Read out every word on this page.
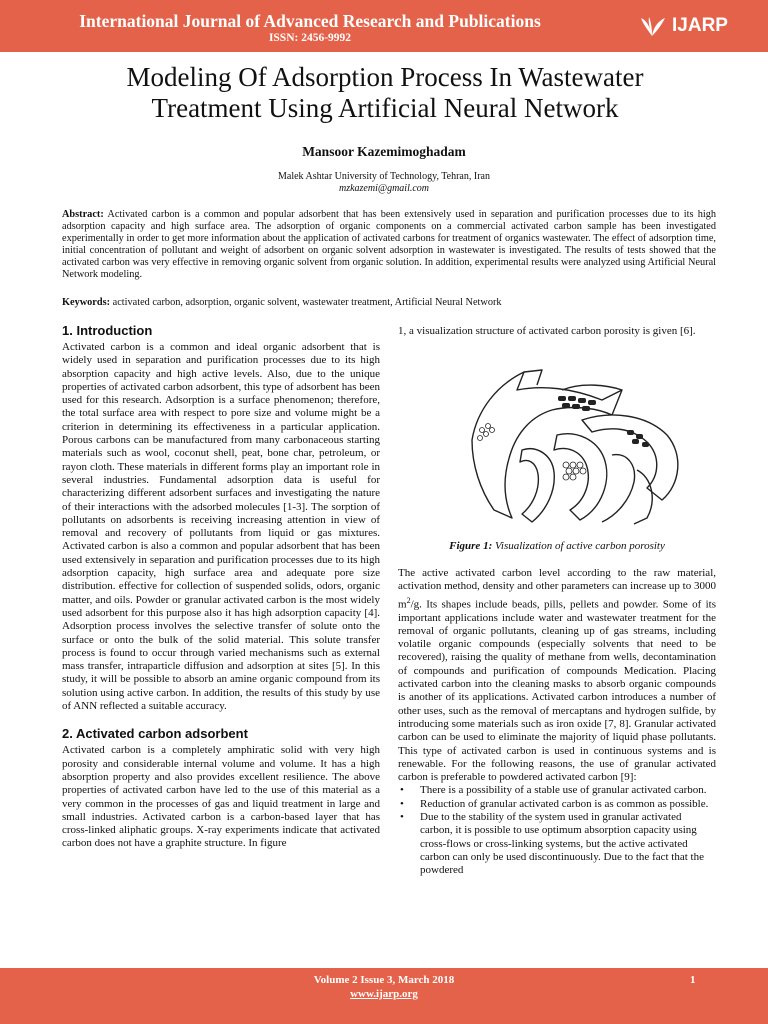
International Journal of Advanced Research and Publications
ISSN: 2456-9992
IJARP
Modeling Of Adsorption Process In Wastewater
Treatment Using Artificial Neural Network
Mansoor Kazemimoghadam
Malek Ashtar University of Technology, Tehran, Iran
mzkazemi@gmail.com
Abstract: Activated carbon is a common and popular adsorbent that has been extensively used in separation and purification processes due to its high adsorption capacity and high surface area. The adsorption of organic components on a commercial activated carbon sample has been investigated experimentally in order to get more information about the application of activated carbons for treatment of organics wastewater. The effect of adsorption time, initial concentration of pollutant and weight of adsorbent on organic solvent adsorption in wastewater is investigated. The results of tests showed that the activated carbon was very effective in removing organic solvent from organic solution. In addition, experimental results were analyzed using Artificial Neural Network modeling.
Keywords: activated carbon, adsorption, organic solvent, wastewater treatment, Artificial Neural Network
1. Introduction

Activated carbon is a common and ideal organic adsorbent that is widely used in separation and purification processes due to its high absorption capacity and high active levels. Also, due to the unique properties of activated carbon adsorbent, this type of adsorbent has been used for this research. Adsorption is a surface phenomenon; therefore, the total surface area with respect to pore size and volume might be a criterion in determining its effectiveness in a particular application. Porous carbons can be manufactured from many carbonaceous starting materials such as wool, coconut shell, peat, bone char, petroleum, or rayon cloth. These materials in different forms play an important role in several industries. Fundamental adsorption data is useful for characterizing different adsorbent surfaces and investigating the nature of their interactions with the adsorbed molecules [1-3]. The sorption of pollutants on adsorbents is receiving increasing attention in view of removal and recovery of pollutants from liquid or gas mixtures. Activated carbon is also a common and popular adsorbent that has been used extensively in separation and purification processes due to its high adsorption capacity, high surface area and adequate pore size distribution. effective for collection of suspended solids, odors, organic matter, and oils. Powder or granular activated carbon is the most widely used adsorbent for this purpose also it has high adsorption capacity [4]. Adsorption process involves the selective transfer of solute onto the surface or onto the bulk of the solid material. This solute transfer process is found to occur through varied mechanisms such as external mass transfer, intraparticle diffusion and adsorption at sites [5]. In this study, it will be possible to absorb an amine organic compound from its solution using active carbon. In addition, the results of this study by use of ANN reflected a suitable accuracy.

2. Activated carbon adsorbent

Activated carbon is a completely amphiratic solid with very high porosity and considerable internal volume and volume. It has a high absorption property and also provides excellent resilience. The above properties of activated carbon have led to the use of this material as a very common in the processes of gas and liquid treatment in large and small industries. Activated carbon is a carbon-based layer that has cross-linked aliphatic groups. X-ray experiments indicate that activated carbon does not have a graphite structure. In figure

1, a visualization structure of activated carbon porosity is given [6].

Figure 1: Visualization of active carbon porosity

The active activated carbon level according to the raw material, activation method, density and other parameters can increase up to 3000 $m^2/g$. Its shapes include beads, pills, pellets and powder. Some of its important applications include water and wastewater treatment for the removal of organic pollutants, cleaning up of gas streams, including volatile organic compounds (especially solvents that need to be recovered), raising the quality of methane from wells, decontamination of compounds and purification of compounds Medication. Placing activated carbon into the cleaning masks to absorb organic compounds is another of its applications. Activated carbon introduces a number of other uses, such as the removal of mercaptans and hydrogen sulfide, by introducing some materials such as iron oxide [7, 8]. Granular activated carbon can be used to eliminate the majority of liquid phase pollutants. This type of activated carbon is used in continuous systems and is renewable. For the following reasons, the use of granular activated carbon is preferable to powdered activated carbon [9]:

• There is a possibility of a stable use of granular activated carbon.
• Reduction of granular activated carbon is as common as possible.
• Due to the stability of the system used in granular activated carbon, it is possible to use optimum absorption capacity using cross-flows or cross-linking systems, but the active activated carbon can only be used discontinuously. Due to the fact that the powdered
Volume 2 Issue 3, March 2018
www.ijarp.org
1
